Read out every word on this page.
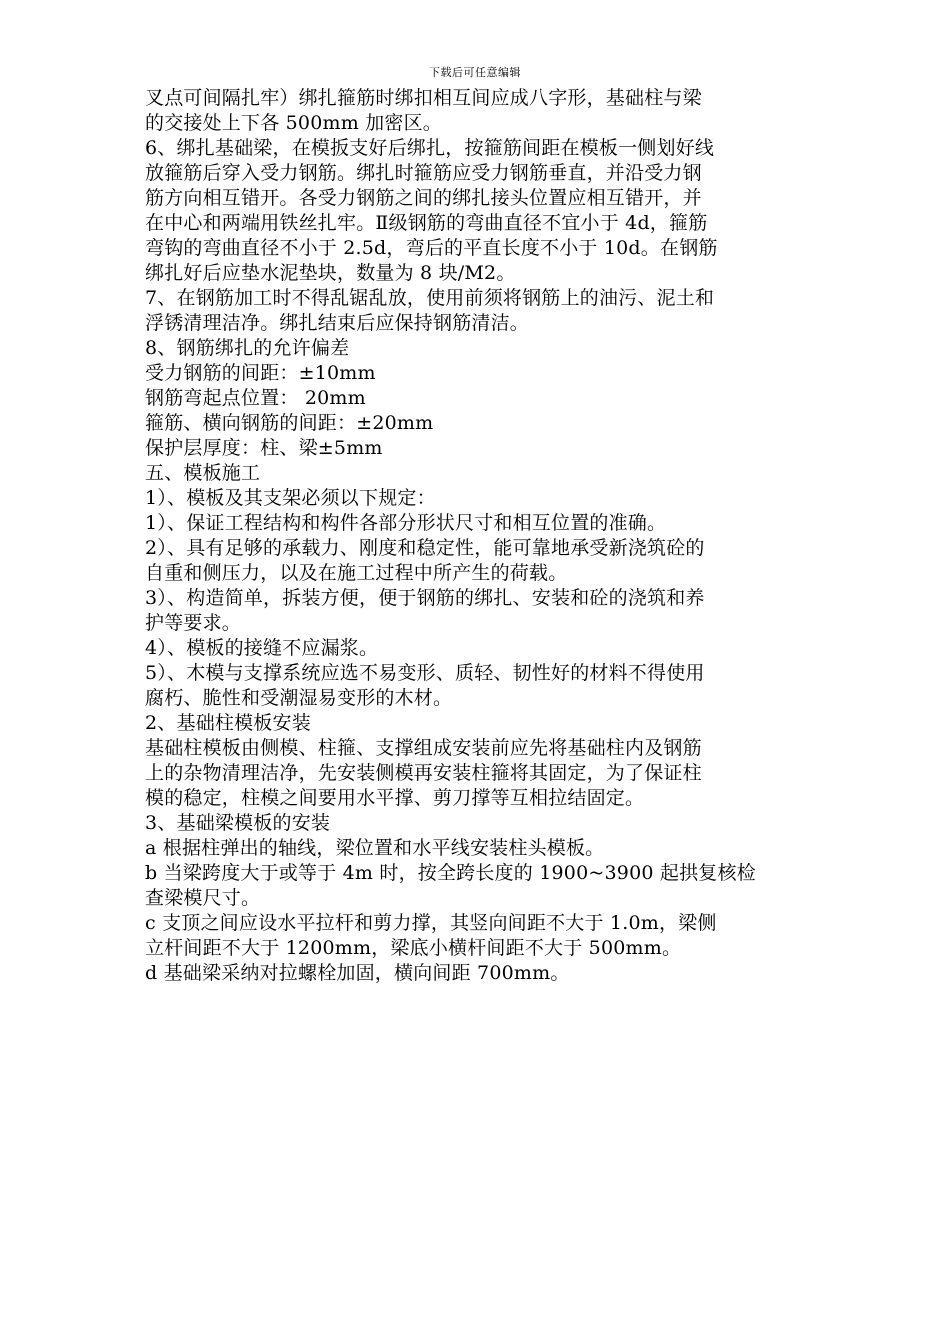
下载后可任意编辑

叉点可间隔扎牢）绑扎箍筋时绑扣相互间应成八字形，基础柱与梁

的交接处上下各 500mm 加密区。

6、绑扎基础梁，在模扳支好后绑扎，按箍筋间距在模板一侧划好线

放箍筋后穿入受力钢筋。绑扎时箍筋应受力钢筋垂直，并沿受力钢

筋方向相互错开。各受力钢筋之间的绑扎接头位置应相互错开，并

在中心和两端用铁丝扎牢。Ⅱ级钢筋的弯曲直径不宜小于 4d，箍筋

弯钩的弯曲直径不小于 2.5d，弯后的平直长度不小于 10d。在钢筋

绑扎好后应垫水泥垫块，数量为 8 块/M2。

7、在钢筋加工时不得乱锯乱放，使用前须将钢筋上的油污、泥土和

浮锈清理洁净。绑扎结束后应保持钢筋清洁。

8、钢筋绑扎的允许偏差

受力钢筋的间距：±10mm

钢筋弯起点位置： 20mm

箍筋、横向钢筋的间距：±20mm

保护层厚度：柱、梁±5mm

五、模板施工

1）、模板及其支架必须以下规定：

1）、保证工程结构和构件各部分形状尺寸和相互位置的准确。

2）、具有足够的承载力、刚度和稳定性，能可靠地承受新浇筑砼的

自重和侧压力，以及在施工过程中所产生的荷载。

3）、构造简单，拆装方便，便于钢筋的绑扎、安装和砼的浇筑和养

护等要求。

4）、模板的接缝不应漏浆。

5）、木模与支撑系统应选不易变形、质轻、韧性好的材料不得使用

腐朽、脆性和受潮湿易变形的木材。

2、基础柱模板安装

基础柱模板由侧模、柱箍、支撑组成安装前应先将基础柱内及钢筋

上的杂物清理洁净，先安装侧模再安装柱箍将其固定，为了保证柱

模的稳定，柱模之间要用水平撑、剪刀撑等互相拉结固定。

3、基础梁模板的安装

a 根据柱弹出的轴线，梁位置和水平线安装柱头模板。

b 当梁跨度大于或等于 4m 时，按全跨长度的 1900~3900 起拱复核检

查梁模尺寸。

c 支顶之间应设水平拉杆和剪力撑，其竖向间距不大于 1.0m，梁侧

立杆间距不大于 1200mm，梁底小横杆间距不大于 500mm。

d 基础梁采纳对拉螺栓加固，横向间距 700mm。
